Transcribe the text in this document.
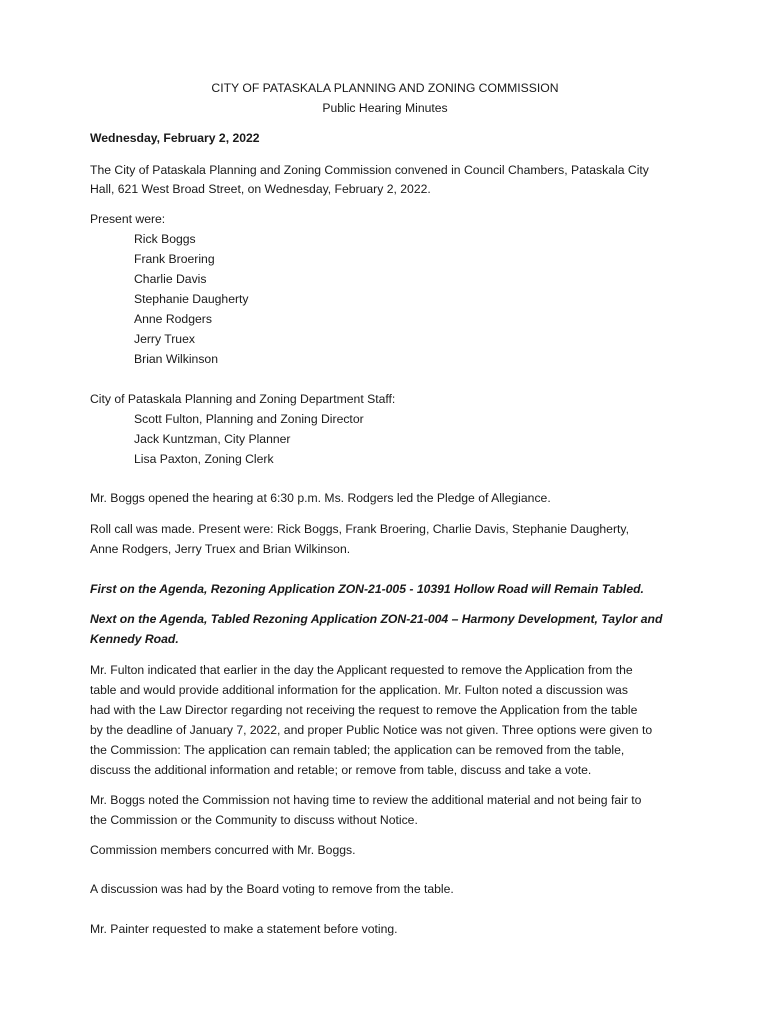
CITY OF PATASKALA PLANNING AND ZONING COMMISSION
Public Hearing Minutes
Wednesday, February 2, 2022
The City of Pataskala Planning and Zoning Commission convened in Council Chambers, Pataskala City
Hall, 621 West Broad Street, on Wednesday, February 2, 2022.
Present were:
Rick Boggs
Frank Broering
Charlie Davis
Stephanie Daugherty
Anne Rodgers
Jerry Truex
Brian Wilkinson
City of Pataskala Planning and Zoning Department Staff:
Scott Fulton, Planning and Zoning Director
Jack Kuntzman, City Planner
Lisa Paxton, Zoning Clerk
Mr. Boggs opened the hearing at 6:30 p.m. Ms. Rodgers led the Pledge of Allegiance.
Roll call was made. Present were: Rick Boggs, Frank Broering, Charlie Davis, Stephanie Daugherty,
Anne Rodgers, Jerry Truex and Brian Wilkinson.
First on the Agenda, Rezoning Application ZON-21-005 - 10391 Hollow Road will Remain Tabled.
Next on the Agenda, Tabled Rezoning Application ZON-21-004 – Harmony Development, Taylor and
Kennedy Road.
Mr. Fulton indicated that earlier in the day the Applicant requested to remove the Application from the
table and would provide additional information for the application. Mr. Fulton noted a discussion was
had with the Law Director regarding not receiving the request to remove the Application from the table
by the deadline of January 7, 2022, and proper Public Notice was not given. Three options were given to
the Commission: The application can remain tabled; the application can be removed from the table,
discuss the additional information and retable; or remove from table, discuss and take a vote.
Mr. Boggs noted the Commission not having time to review the additional material and not being fair to
the Commission or the Community to discuss without Notice.
Commission members concurred with Mr. Boggs.
A discussion was had by the Board voting to remove from the table.
Mr. Painter requested to make a statement before voting.
